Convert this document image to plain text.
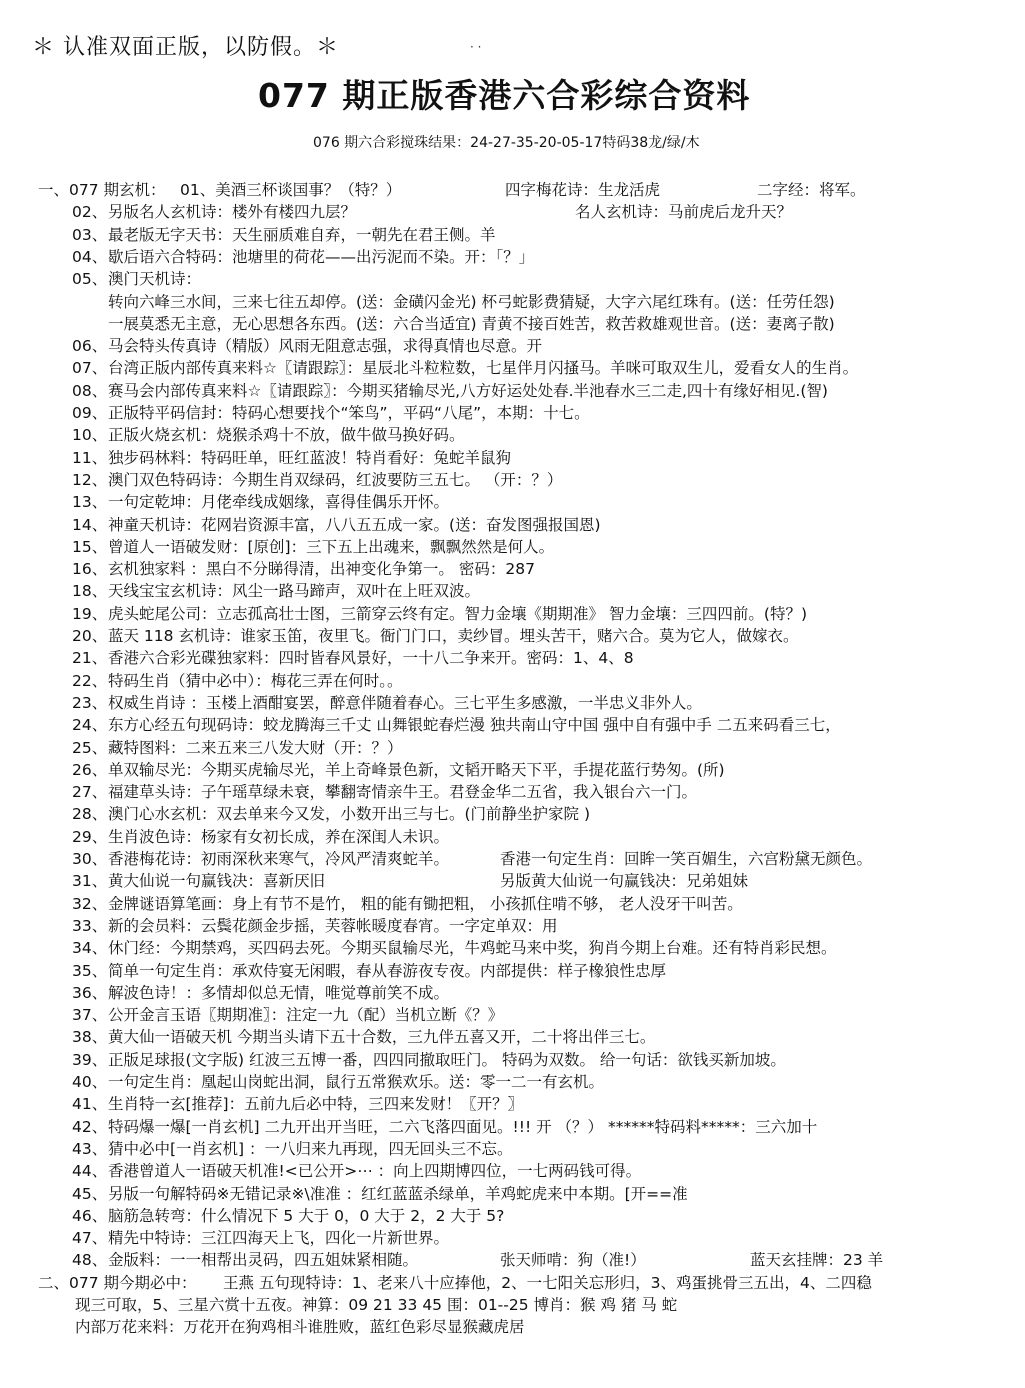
＊ 认准双面正版，以防假。＊	· ·
077 期正版香港六合彩综合资料
076 期六合彩搅珠结果：24-27-35-20-05-17特码38龙/绿/木
一、077 期玄机： 01、美酒三杯谈国事？（特？）	四字梅花诗：生龙活虎	二字经：将军。
02、 另版名人玄机诗：楼外有楼四九层？	名人玄机诗：马前虎后龙升天？
03、 最老版无字天书：天生丽质难自弃，一朝先在君王侧。羊
04、 歇后语六合特码：池塘里的荷花——出污泥而不染。开：「？」
05、 澳门天机诗：
转向六峰三水间，三来七往五却停。(送：金磺闪金光) 杯弓蛇影费猜疑，大字六尾红珠有。(送：任劳任怨)
一展莫悉无主意，无心思想各东西。(送：六合当适宜) 青黄不接百姓苦，救苦救雄观世音。(送：妻离子散)
06、 马会特头传真诗（精版）风雨无阻意志强，求得真情也尽意。开
07、 台湾正版内部传真来料☆〖请跟踪〗：星辰北斗粒粒数，七星伴月闪搔马。羊咪可取双生儿，爱看女人的生肖。
08、 赛马会内部传真来料☆〖请跟踪〗：今期买猪输尽光,八方好运处处春.半池春水三二走,四十有缘好相见.(智)
09、 正版特平码信封：特码心想要找个“笨鸟”，平码“八尾”，本期：十七。
10、 正版火烧玄机：烧猴杀鸡十不放，做牛做马换好码。
11、 独步码林料：特码旺单，旺红蓝波！特肖看好：兔蛇羊鼠狗
12、 澳门双色特码诗：今期生肖双绿码，红波要防三五七。 （开：？）
13、 一句定乾坤：月佬牵线成姻缘，喜得佳偶乐开怀。
14、 神童天机诗：花网岩资源丰富，八八五五成一家。(送：奋发图强报国恩)
15、 曾道人一语破发财：[原创]：三下五上出魂来，飘飘然然是何人。
16、 玄机独家料 ：黑白不分睇得清，出神变化争第一。 密码：287
18、 天线宝宝玄机诗：风尘一路马蹄声，双叶在上旺双波。
19、 虎头蛇尾公司：立志孤高壮士图，三箭穿云终有定。智力金壤《期期准》 智力金壤：三四四前。(特？)
20、 蓝天 118 玄机诗：谁家玉笛，夜里飞。衙门门口，卖纱冒。埋头苦干，赌六合。莫为它人，做嫁衣。
21、 香港六合彩光碟独家料：四时皆春风景好，一十八二争来开。密码：1、4、8
22、 特码生肖（猜中必中）：梅花三弄在何时。。
23、 权威生肖诗 ：玉楼上酒酣宴罢，醉意伴随着春心。三七平生多感激，一半忠义非外人。
24、 东方心经五句现码诗：蛟龙腾海三千丈 山舞银蛇春烂漫 独共南山守中国 强中自有强中手 二五来码看三七，
25、 藏特图料：二来五来三八发大财（开：？）
26、 单双输尽光：今期买虎输尽光，羊上奇峰景色新，文韬开略天下平，手提花蓝行势匆。(所)
27、 福建草头诗：子午瑶草绿未衰，攀翻寄情亲牛王。君登金华二五省，我入银台六一门。
28、 澳门心水玄机：双去单来今又发，小数开出三与七。(门前静坐护家院 )
29、 生肖波色诗：杨家有女初长成，养在深闺人未识。
30、 香港梅花诗：初雨深秋来寒气，冷风严清爽蛇羊。	香港一句定生肖：回眸一笑百媚生，六宫粉黛无颜色。
31、 黄大仙说一句赢钱决：喜新厌旧	另版黄大仙说一句赢钱决：兄弟姐妹
32、 金牌谜语算笔画：身上有节不是竹， 粗的能有锄把粗， 小孩抓住啃不够， 老人没牙干叫苦。
33、 新的会员料：云鬓花颜金步摇，芙蓉帐暖度春宵。一字定单双：用
34、 休门经：今期禁鸡，买四码去死。今期买鼠输尽光，牛鸡蛇马来中奖，狗肖今期上台难。还有特肖彩民想。
35、 简单一句定生肖：承欢侍宴无闲暇，春从春游夜专夜。内部提供：样子橡狼性忠厚
36、 解波色诗！：多情却似总无情，唯觉尊前笑不成。
37、 公开金言玉语〖期期准〗：注定一九（配）当机立断《？》
38、 黄大仙一语破天机 今期当头请下五十合数，三九伴五喜又开，二十将出伴三七。
39、 正版足球报(文字版) 红波三五博一番，四四同撤取旺门。 特码为双数。 给一句话：欲钱买新加坡。
40、 一句定生肖：凰起山岗蛇出洞，鼠行五常猴欢乐。送：零一二一有玄机。
41、 生肖特一玄[推荐]：五前九后必中特，三四来发财！〖开？〗
42、 特码爆一爆[一肖玄机] 二九开出开当旺，二六飞落四面见。!!! 开 （？） ******特码料*****：三六加十
43、 猜中必中[一肖玄机] ：一八归来九再现，四无回头三不忘。
44、 香港曾道人一语破天机准!<已公开>⋯ ：向上四期博四位，一七两码钱可得。
45、 另版一句解特码※无错记录※\准准 ：红红蓝蓝杀绿单，羊鸡蛇虎来中本期。[开==准
46、 脑筋急转弯：什么情况下 5 大于 0，0 大于 2，2 大于 5?
47、 精先中特诗：三江四海天上飞，四化一片新世界。
48、 金版料：一一相帮出灵码，四五姐妹紧相随。	张天师啃：狗（准!）	蓝天玄挂牌：23 羊
二、077 期今期必中： 王燕 五句现特诗：1、老来八十应捧他，2、一七阳关忘形归，3、鸡蛋挑骨三五出，4、二四稳
现三可取，5、三星六赏十五夜。神算：09 21 33 45 围：01--25 博肖：猴 鸡 猪 马 蛇
内部万花来料：万花开在狗鸡相斗谁胜败，蓝红色彩尽显猴藏虎居
